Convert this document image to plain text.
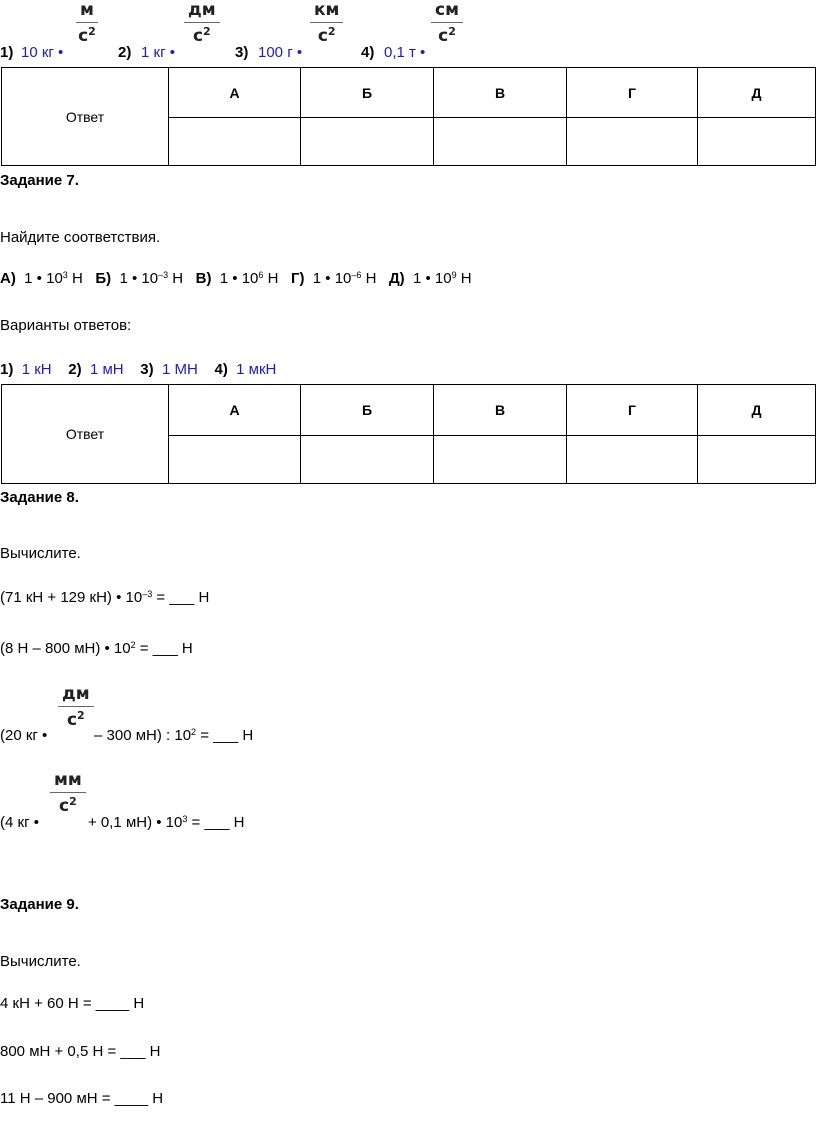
1) 10 кг •
м
$с^2$
2) 1 кг •
дм
$с^2$
3) 100 г •
км
$с^2$
4) 0,1 т •
см
$с^2$
Ответ	А	Б	В	Г	Д

Задание 7.
Найдите соответствия.
А) 1 • $10^3$ Н Б) 1 • $10^{-3}$ Н В) 1 • $10^6$ Н Г) 1 • $10^{-6}$ Н Д) 1 • $10^9$ Н
Варианты ответов:
1) 1 кН 2) 1 мН 3) 1 МН 4) 1 мкН
Ответ	А	Б	В	Г	Д

Задание 8.
Вычислите.
(71 кН + 129 кН) • $10^{-3}$ = ___ Н
(8 Н – 800 мН) • $10^2$ = ___ Н
(20 кг •
дм
$с^2$
– 300 мН) : $10^2$ = ___ Н
(4 кг •
мм
$с^2$
+ 0,1 мН) • $10^3$ = ___ Н
Задание 9.
Вычислите.
4 кН + 60 Н = ____ Н
800 мН + 0,5 Н = ___ Н
11 Н – 900 мН = ____ Н
